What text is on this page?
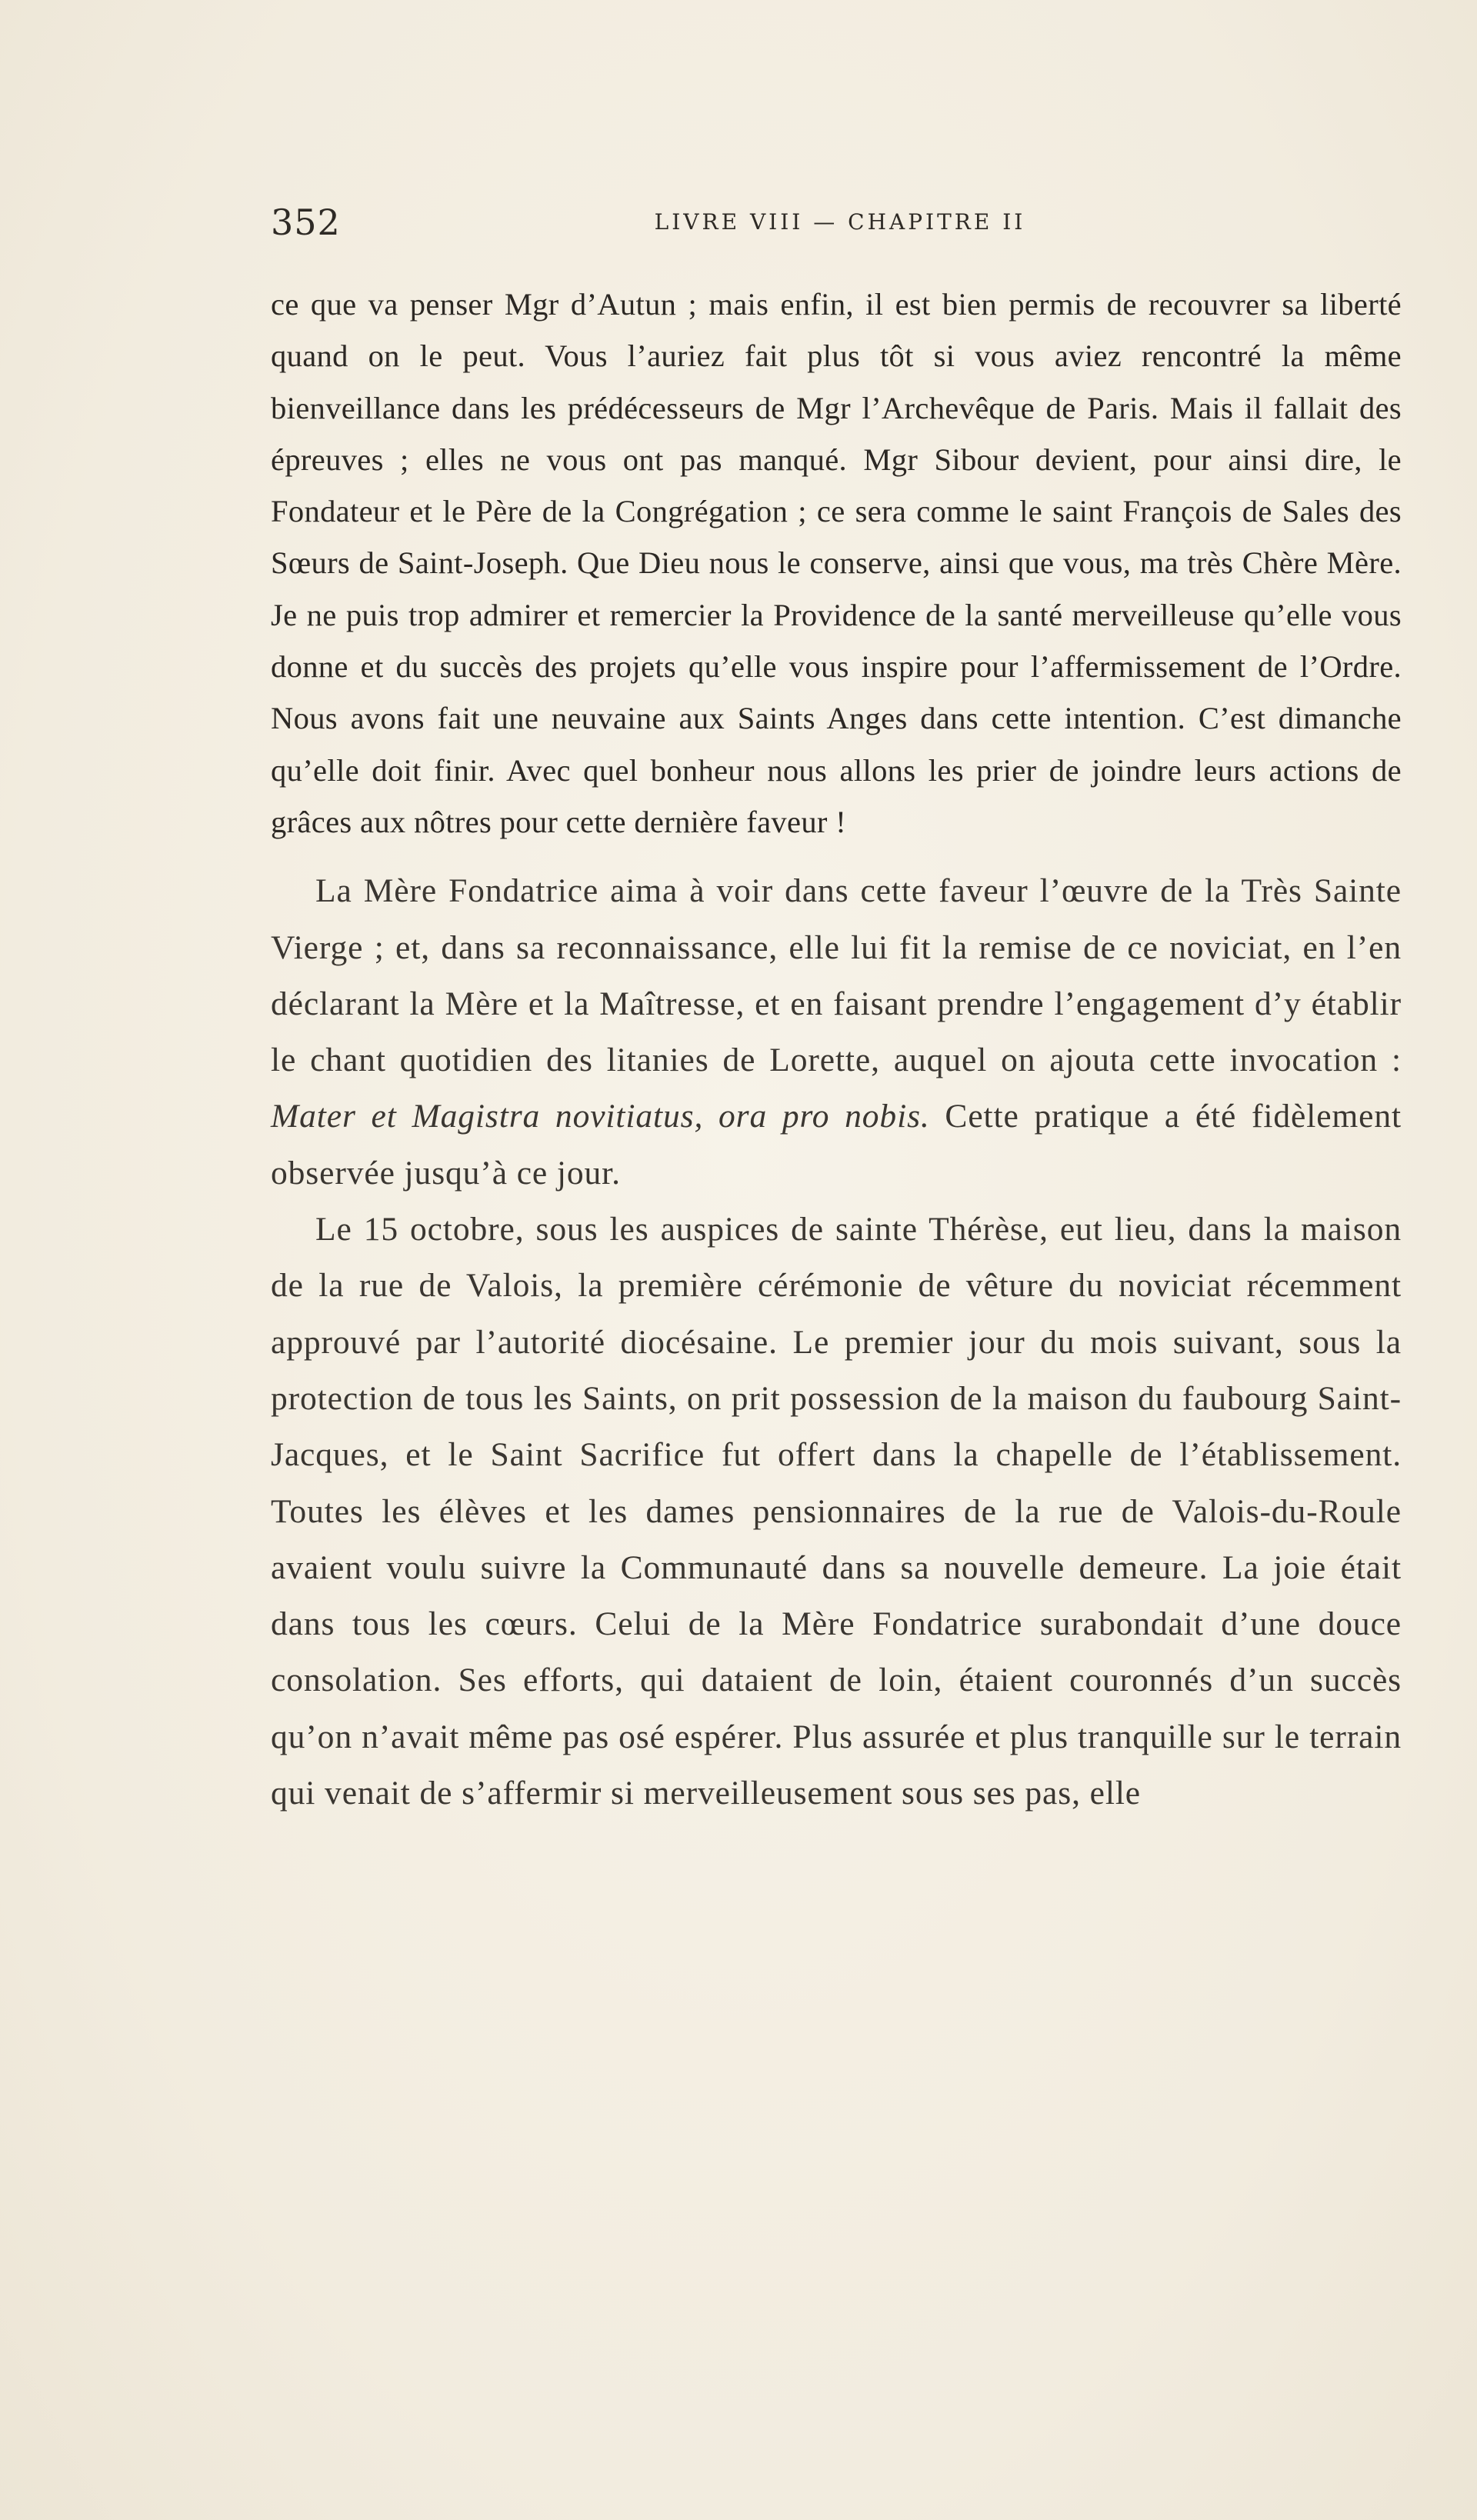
352	LIVRE VIII — CHAPITRE II

ce que va penser Mgr d’Autun ; mais enfin, il est bien permis de recouvrer sa liberté quand on le peut. Vous l’auriez fait plus tôt si vous aviez rencontré la même bienveillance dans les prédécesseurs de Mgr l’Archevêque de Paris. Mais il fallait des épreuves ; elles ne vous ont pas manqué. Mgr Sibour devient, pour ainsi dire, le Fondateur et le Père de la Congrégation ; ce sera comme le saint François de Sales des Sœurs de Saint-Joseph. Que Dieu nous le conserve, ainsi que vous, ma très Chère Mère. Je ne puis trop admirer et remercier la Providence de la santé merveilleuse qu’elle vous donne et du succès des projets qu’elle vous inspire pour l’affermissement de l’Ordre. Nous avons fait une neuvaine aux Saints Anges dans cette intention. C’est dimanche qu’elle doit finir. Avec quel bonheur nous allons les prier de joindre leurs actions de grâces aux nôtres pour cette dernière faveur !

La Mère Fondatrice aima à voir dans cette faveur l’œuvre de la Très Sainte Vierge ; et, dans sa reconnaissance, elle lui fit la remise de ce noviciat, en l’en déclarant la Mère et la Maîtresse, et en faisant prendre l’engagement d’y établir le chant quotidien des litanies de Lorette, auquel on ajouta cette invocation : Mater et Magistra novitiatus, ora pro nobis. Cette pratique a été fidèlement observée jusqu’à ce jour.

Le 15 octobre, sous les auspices de sainte Thérèse, eut lieu, dans la maison de la rue de Valois, la première cérémonie de vêture du noviciat récemment approuvé par l’autorité diocésaine. Le premier jour du mois suivant, sous la protection de tous les Saints, on prit possession de la maison du faubourg Saint-Jacques, et le Saint Sacrifice fut offert dans la chapelle de l’établissement. Toutes les élèves et les dames pensionnaires de la rue de Valois-du-Roule avaient voulu suivre la Communauté dans sa nouvelle demeure. La joie était dans tous les cœurs. Celui de la Mère Fondatrice surabondait d’une douce consolation. Ses efforts, qui dataient de loin, étaient couronnés d’un succès qu’on n’avait même pas osé espérer. Plus assurée et plus tranquille sur le terrain qui venait de s’affermir si merveilleusement sous ses pas, elle
